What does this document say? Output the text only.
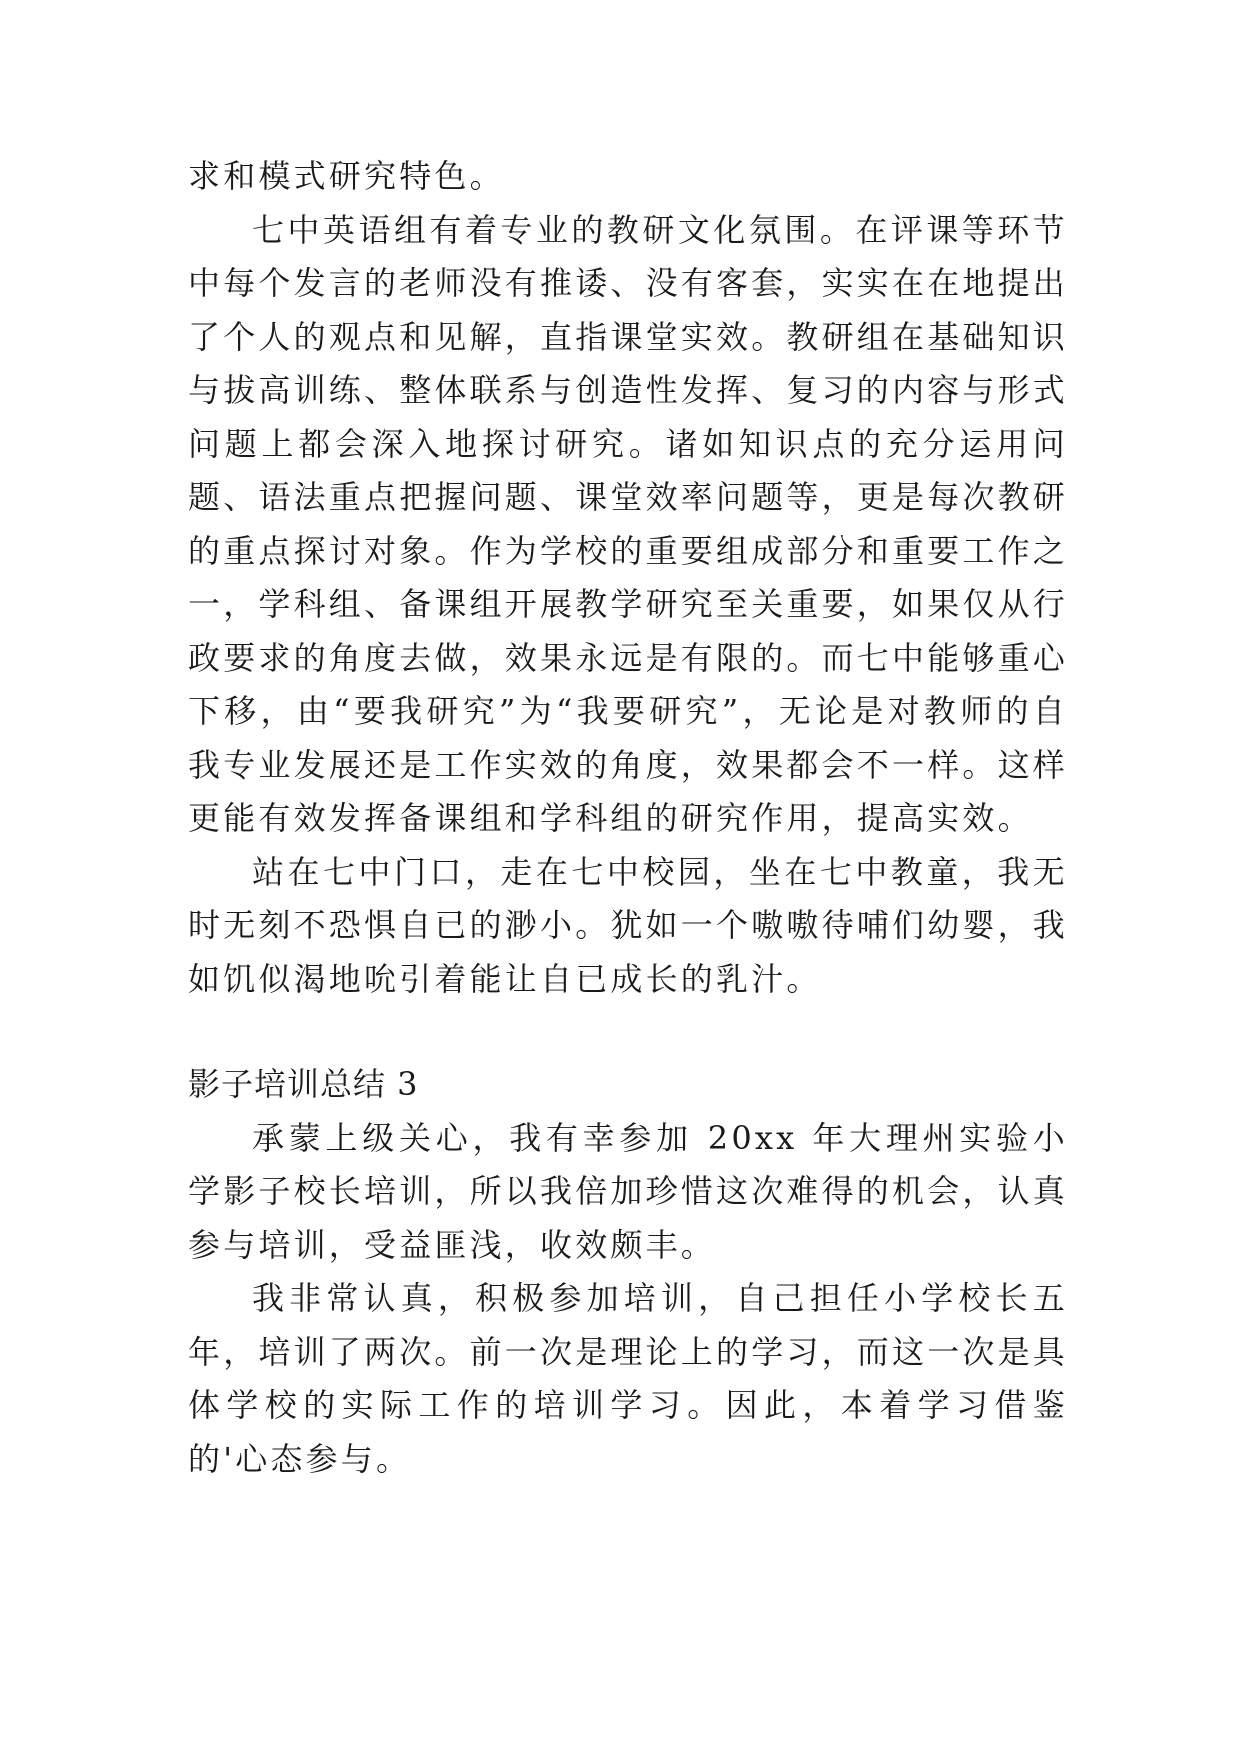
求和模式研究特色。

七中英语组有着专业的教研文化氛围。在评课等环节中每个发言的老师没有推诿、没有客套，实实在在地提出了个人的观点和见解，直指课堂实效。教研组在基础知识与拔高训练、整体联系与创造性发挥、复习的内容与形式问题上都会深入地探讨研究。诸如知识点的充分运用问题、语法重点把握问题、课堂效率问题等，更是每次教研的重点探讨对象。作为学校的重要组成部分和重要工作之一，学科组、备课组开展教学研究至关重要，如果仅从行政要求的角度去做，效果永远是有限的。而七中能够重心下移，由“要我研究”为“我要研究”，无论是对教师的自我专业发展还是工作实效的角度，效果都会不一样。这样更能有效发挥备课组和学科组的研究作用，提高实效。

站在七中门口，走在七中校园，坐在七中教童，我无时无刻不恐惧自已的渺小。犹如一个嗷嗷待哺们幼婴，我如饥似渴地吮引着能让自已成长的乳汁。

影子培训总结 3

承蒙上级关心，我有幸参加 20xx 年大理州实验小学影子校长培训，所以我倍加珍惜这次难得的机会，认真参与培训，受益匪浅，收效颇丰。

我非常认真，积极参加培训，自己担任小学校长五年，培训了两次。前一次是理论上的学习，而这一次是具体学校的实际工作的培训学习。因此，本着学习借鉴的'心态参与。
